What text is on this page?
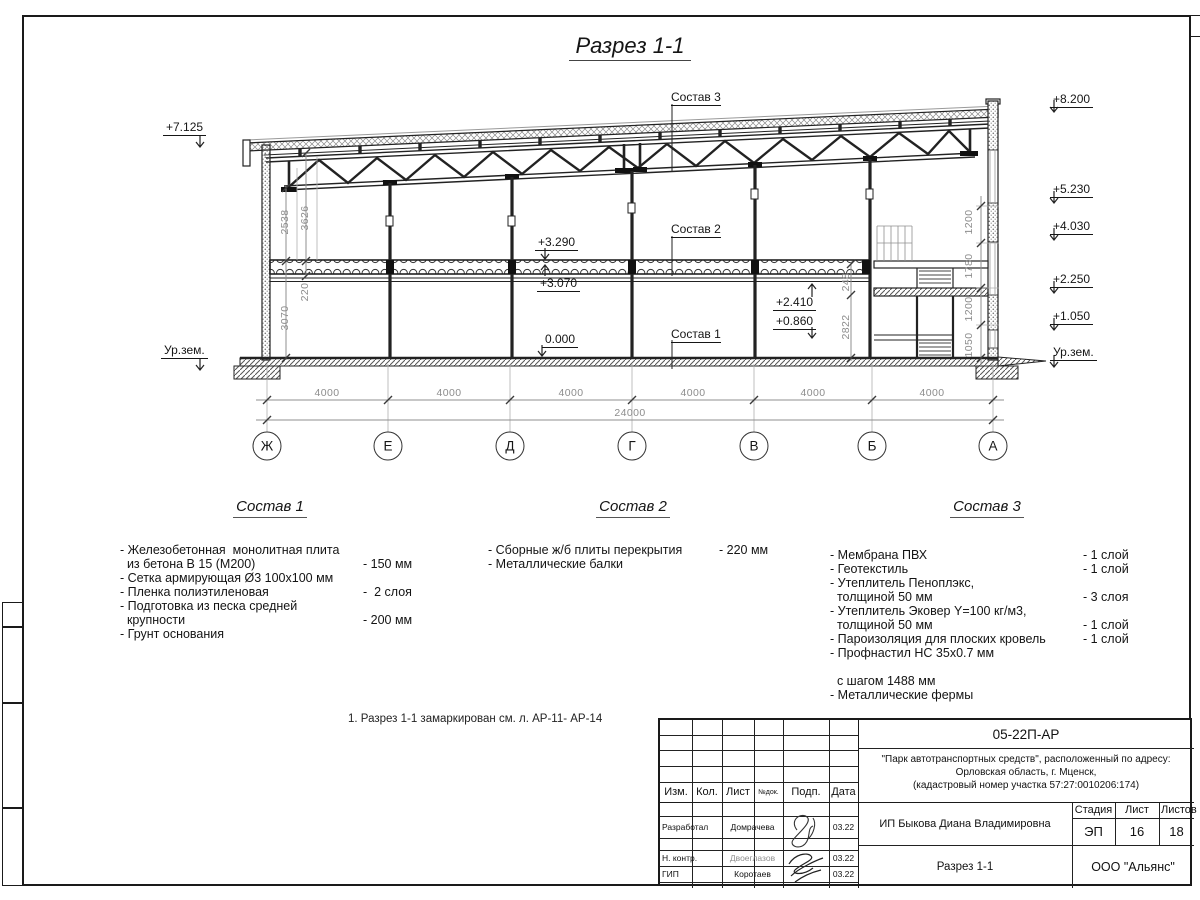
Разрез 1-1
+7.125
Ур.зем.
+8.200
+5.230
+4.030
+2.250
+1.050
Ур.зем.
+3.290
+3.070
0.000
+2.410
+0.860
Состав 3
Состав 2
Состав 1
2538 3626
220
3070
248
2822
1200
1780
1200
1050
4000	4000	4000	4000	4000	4000
24000
Ж	Е	Д	Г	В	Б	А
Состав 1
- Железобетонная  монолитная плита
из бетона В 15 (М200)	- 150 мм
- Сетка армирующая Ø3 100х100 мм
- Пленка полиэтиленовая	-  2 слоя
- Подготовка из песка средней
крупности	- 200 мм
- Грунт основания
Состав 2
- Сборные ж/б плиты перекрытия	- 220 мм
- Металлические балки
Состав 3
- Мембрана ПВХ	- 1 слой
- Геотекстиль	- 1 слой
- Утеплитель Пеноплэкс,
толщиной 50 мм	- 3 слоя
- Утеплитель Эковер Y=100 кг/м3,
толщиной 50 мм	- 1 слой
- Пароизоляция для плоских кровель	- 1 слой
- Профнастил НС 35х0.7 мм
с шагом 1488 мм
- Металлические фермы
1. Разрез 1-1 замаркирован см. л. АР-11- АР-14
Изм. Кол. Лист	№док.	Подп. Дата
Разработал	Домрачева	03.22
Н. контр.	Двоеглазов	03.22
ГИП	Коротаев	03.22
05-22П-АР
"Парк автотранспортных средств", расположенный по адресу:
Орловская область, г. Мценск,
(кадастровый номер участка 57:27:0010206:174)
ИП Быкова Диана Владимировна
Стадия	Лист	Листов
ЭП	16	18
Разрез 1-1	ООО "Альянс"
